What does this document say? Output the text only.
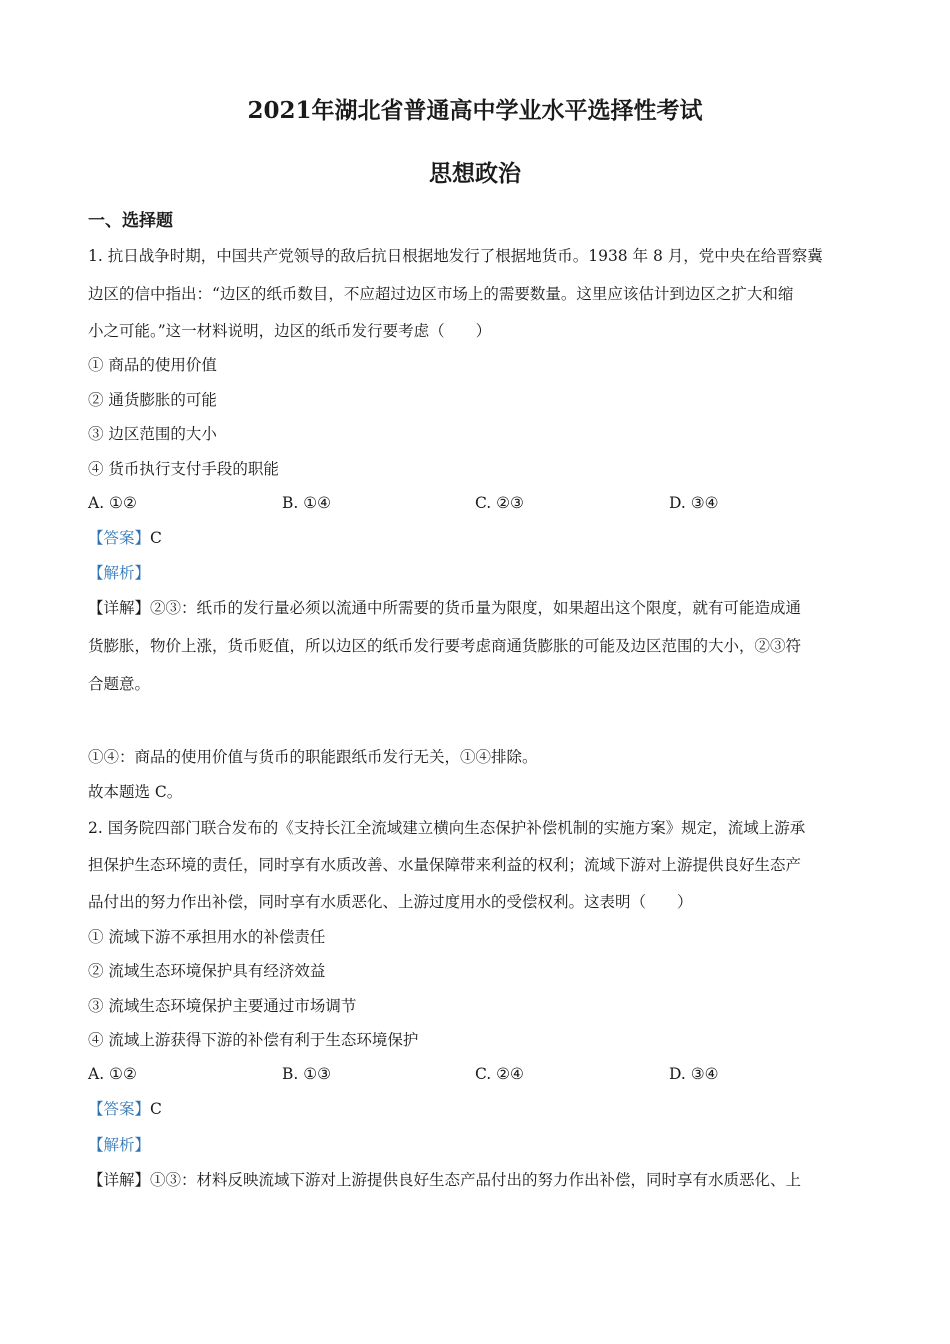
2021年湖北省普通高中学业水平选择性考试
思想政治
一、选择题
1. 抗日战争时期，中国共产党领导的敌后抗日根据地发行了根据地货币。1938 年 8 月，党中央在给晋察冀
边区的信中指出：“边区的纸币数目，不应超过边区市场上的需要数量。这里应该估计到边区之扩大和缩
小之可能。”这一材料说明，边区的纸币发行要考虑（　　）
① 商品的使用价值
② 通货膨胀的可能
③ 边区范围的大小
④ 货币执行支付手段的职能
A. ①②	B. ①④	C. ②③	D. ③④
【答案】C
【解析】
【详解】②③：纸币的发行量必须以流通中所需要的货币量为限度，如果超出这个限度，就有可能造成通
货膨胀，物价上涨，货币贬值，所以边区的纸币发行要考虑商通货膨胀的可能及边区范围的大小，②③符
合题意。
①④：商品的使用价值与货币的职能跟纸币发行无关，①④排除。
故本题选 C。
2. 国务院四部门联合发布的《支持长江全流域建立横向生态保护补偿机制的实施方案》规定，流域上游承
担保护生态环境的责任，同时享有水质改善、水量保障带来利益的权利；流域下游对上游提供良好生态产
品付出的努力作出补偿，同时享有水质恶化、上游过度用水的受偿权利。这表明（　　）
① 流域下游不承担用水的补偿责任
② 流域生态环境保护具有经济效益
③ 流域生态环境保护主要通过市场调节
④ 流域上游获得下游的补偿有利于生态环境保护
A. ①②	B. ①③	C. ②④	D. ③④
【答案】C
【解析】
【详解】①③：材料反映流域下游对上游提供良好生态产品付出的努力作出补偿，同时享有水质恶化、上
